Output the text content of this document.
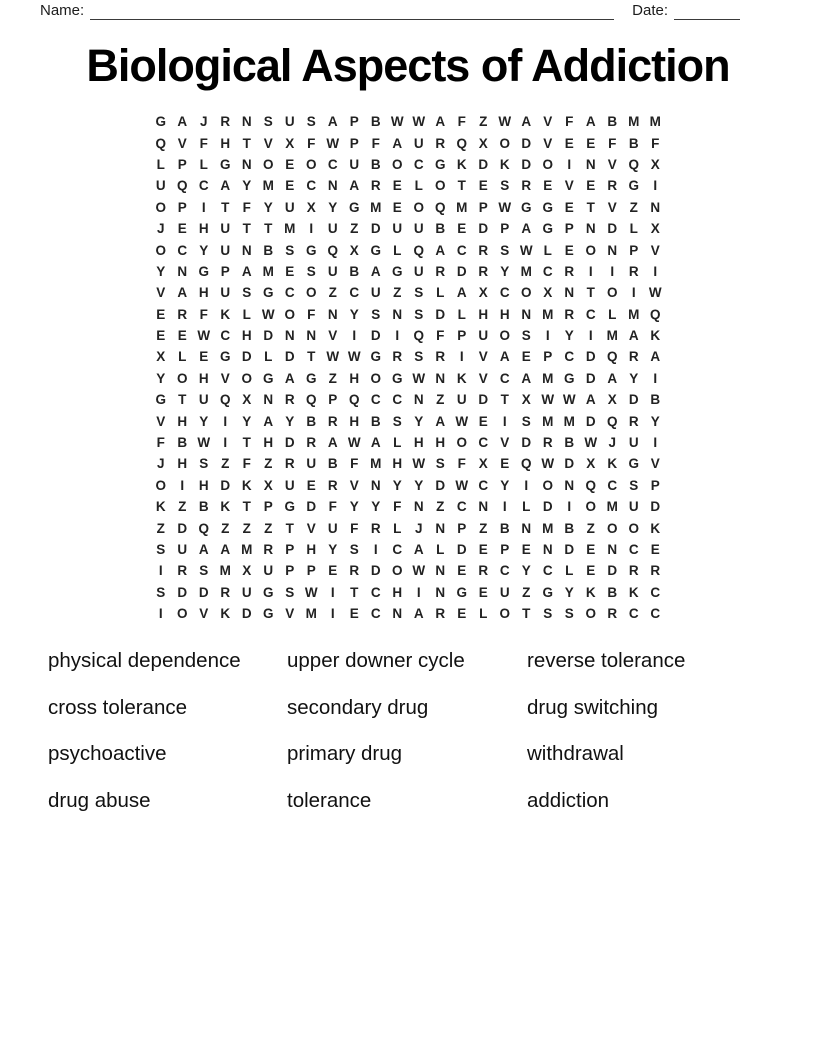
Name:	Date:
Biological Aspects of Addiction
G A J R N S U S A P B W W A F Z W A V F A B M M
Q V F H T V X F W P F A U R Q X O D V E E F B F
L P L G N O E O C U B O C G K D K D O	I	N V Q X
U Q C A Y M E C N A R E L O T E S R E V E R G	I
O P	I	T F Y U X Y G M E O Q M P W G G E T V Z N
J E H U T T M	I	U Z D U U B E D P A G P N D L X
O C Y U N B S G Q X G L Q A C R S W L E O N P V
Y N G P A M E S U B A G U R D R Y M C R	I	I	R	I
V A H U S G C O Z C U Z S L A X C O X N T O	I W
E R F K L W O F N Y S N S D L H H N M R C L M Q
E E W C H D N N V	I	D	I	Q F P U O S	I	Y	I	M A K
X L E G D L D T W W G R S R	I	V A E P C D Q R A
Y O H V O G A G Z H O G W N K V C A M G D A Y	I
G T U Q X N R Q P Q C C N Z U D T X W W A X D B
V H Y	I	Y A Y B R H B S Y A W E	I	S M M D Q R Y
F B W I	T H D R A W A L H H O C V D R B W J U	I
J H S Z F Z R U B F M H W S F X E Q W D X K G V
O	I	H D K X U E R V N Y Y D W C Y	I	O N Q C S P
K Z B K T P G D F Y Y F N Z C N	I	L D	I	O M U D
Z D Q Z Z Z T V U F R L	J N P Z B N M B Z O O K
S U A A M R P H Y S	I	C A L D E P E N D E N C E
I	R S M X U P P E R D O W N E R C Y C L E D R R
S D D R U G S W I	T C H	I	N G E U Z G Y K B K C
I	O V K D G V M	I	E C N A R E L O T S S O R C C
physical dependence	upper downer cycle	reverse tolerance
cross tolerance	secondary drug	drug switching
psychoactive	primary drug	withdrawal
drug abuse	tolerance	addiction
